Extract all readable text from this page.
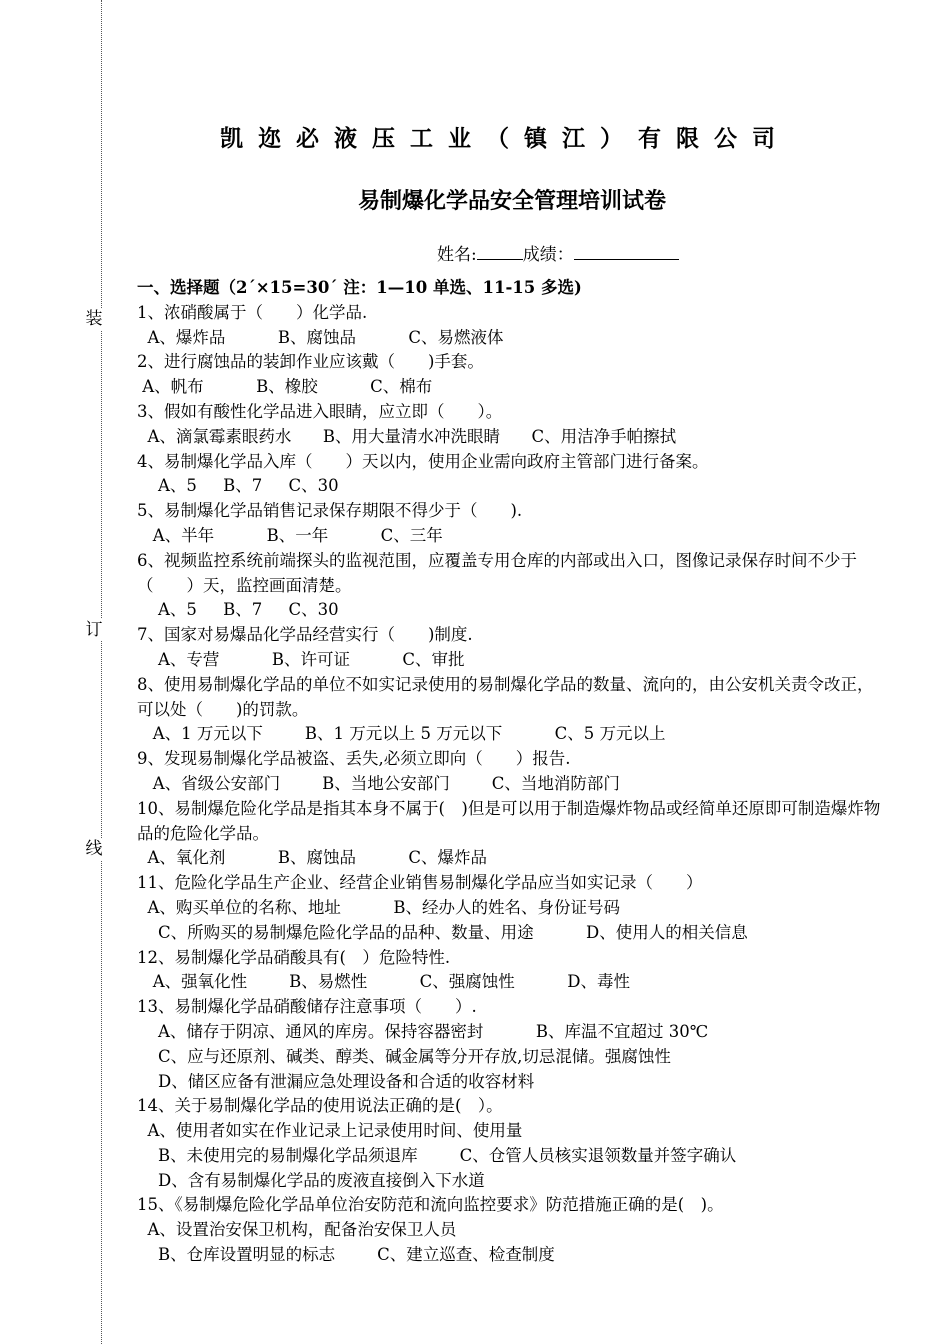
装
订
线
凯迩必液压工业（镇江）有限公司
易制爆化学品安全管理培训试卷
姓名:	成绩：
一、选择题（2´×15=30´ 注：1—10 单选、11-15 多选)
1、浓硝酸属于（　　）化学品.
A、爆炸品          B、腐蚀品          C、易燃液体
2、进行腐蚀品的装卸作业应该戴（　　)手套。
A、帆布          B、橡胶          C、棉布
3、假如有酸性化学品进入眼睛，应立即（　　）。
A、滴氯霉素眼药水      B、用大量清水冲洗眼睛      C、用洁净手帕擦拭
4、易制爆化学品入库（　　）天以内，使用企业需向政府主管部门进行备案。
A、5     B、7     C、30
5、易制爆化学品销售记录保存期限不得少于（　　).
A、半年          B、一年          C、三年
6、视频监控系统前端探头的监视范围，应覆盖专用仓库的内部或出入口，图像记录保存时间不少于（　　）天，监控画面清楚。
A、5     B、7     C、30
7、国家对易爆品化学品经营实行（　　)制度.
A、专营          B、许可证          C、审批
8、使用易制爆化学品的单位不如实记录使用的易制爆化学品的数量、流向的，由公安机关责令改正，可以处（　　)的罚款。
A、1 万元以下        B、1 万元以上 5 万元以下          C、5 万元以上
9、发现易制爆化学品被盗、丢失,必须立即向（　　）报告.
A、省级公安部门        B、当地公安部门        C、当地消防部门
10、易制爆危险化学品是指其本身不属于(　)但是可以用于制造爆炸物品或经简单还原即可制造爆炸物品的危险化学品。
A、氧化剂          B、腐蚀品          C、爆炸品
11、危险化学品生产企业、经营企业销售易制爆化学品应当如实记录（　　）
A、购买单位的名称、地址          B、经办人的姓名、身份证号码
C、所购买的易制爆危险化学品的品种、数量、用途          D、使用人的相关信息
12、易制爆化学品硝酸具有(　）危险特性.
A、强氧化性        B、易燃性          C、强腐蚀性          D、毒性
13、易制爆化学品硝酸储存注意事项（　　）.
A、储存于阴凉、通风的库房。保持容器密封          B、库温不宜超过 30℃
C、应与还原剂、碱类、醇类、碱金属等分开存放,切忌混储。强腐蚀性
D、储区应备有泄漏应急处理设备和合适的收容材料
14、关于易制爆化学品的使用说法正确的是(　）。
A、使用者如实在作业记录上记录使用时间、使用量
B、未使用完的易制爆化学品须退库        C、仓管人员核实退领数量并签字确认
D、含有易制爆化学品的废液直接倒入下水道
15、《易制爆危险化学品单位治安防范和流向监控要求》防范措施正确的是(　)。
A、设置治安保卫机构，配备治安保卫人员
B、仓库设置明显的标志        C、建立巡查、检查制度
